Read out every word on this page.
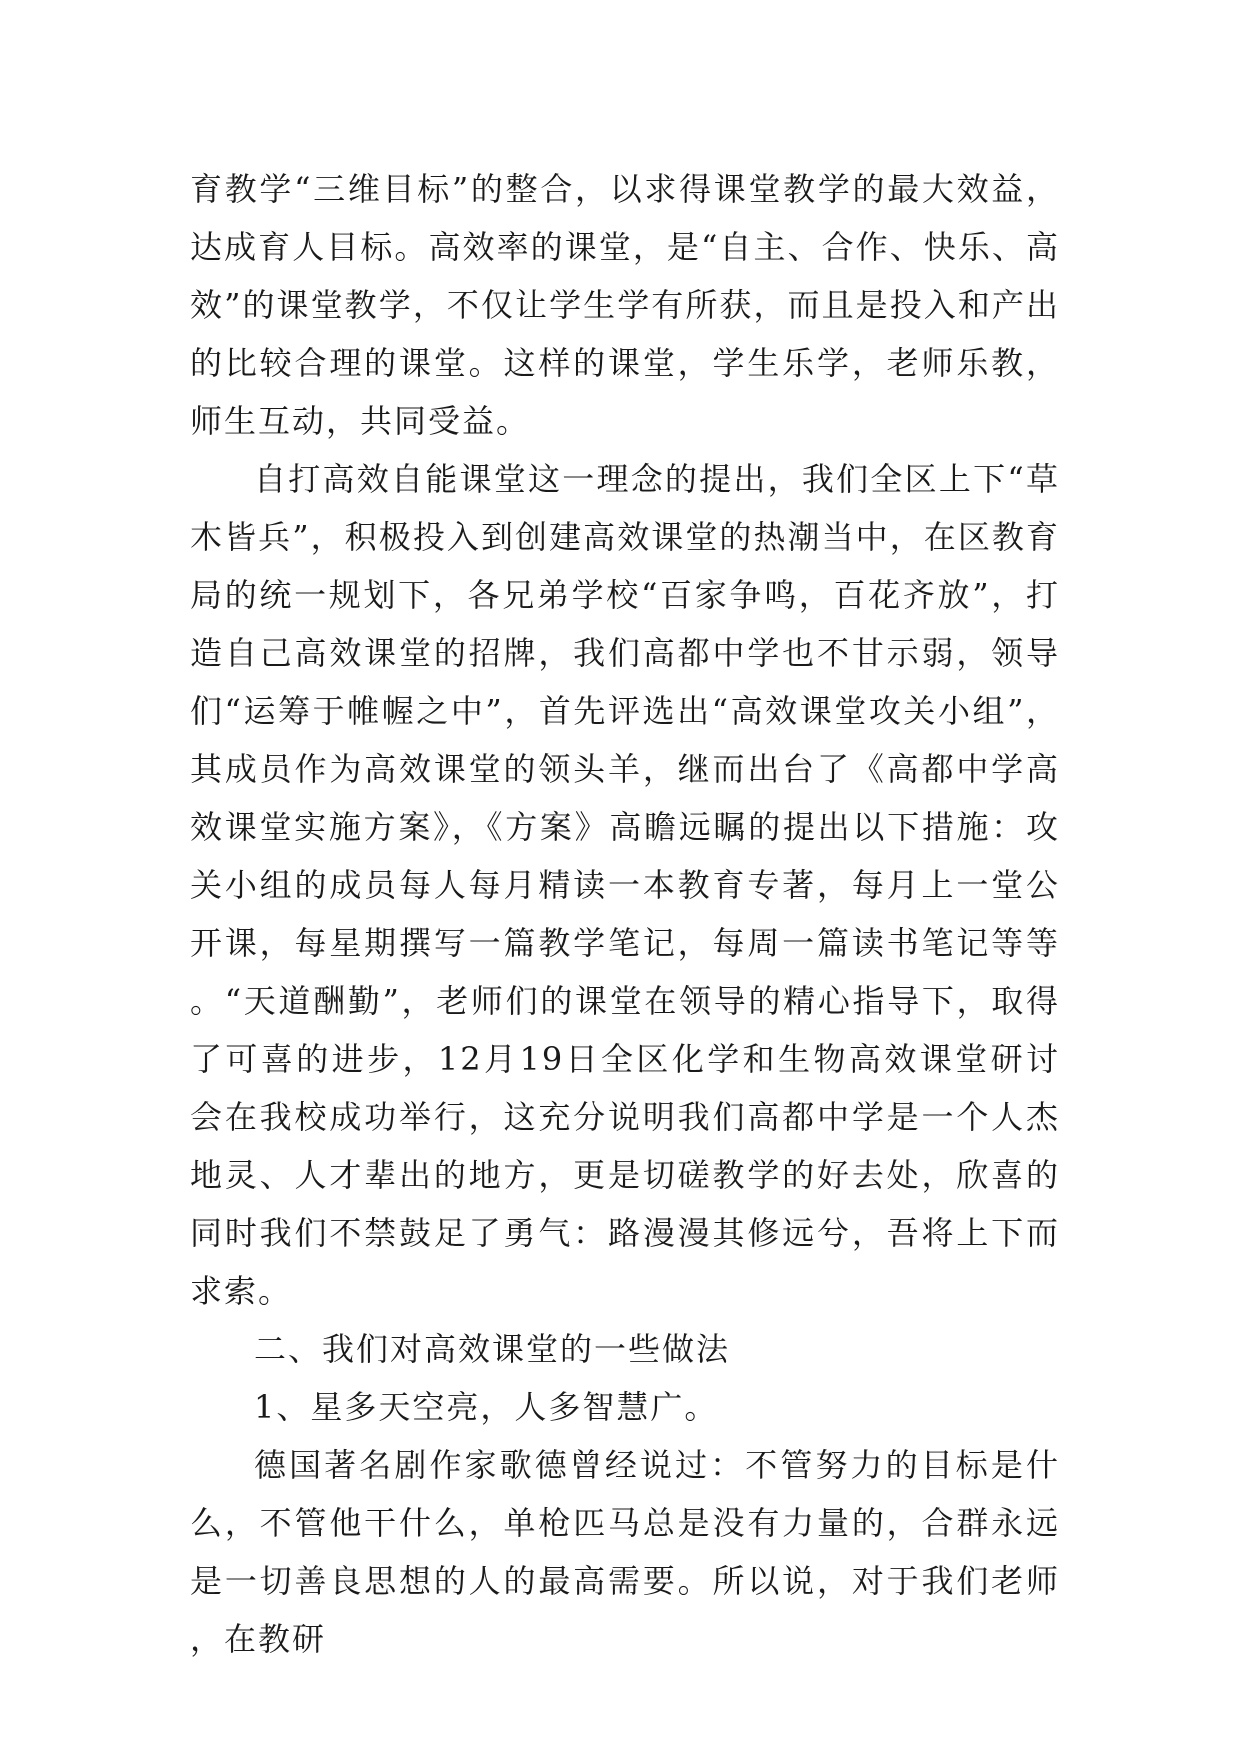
育教学“三维目标”的整合，以求得课堂教学的最大效益，达成育人目标。高效率的课堂，是“自主、合作、快乐、高效”的课堂教学，不仅让学生学有所获，而且是投入和产出的比较合理的课堂。这样的课堂，学生乐学，老师乐教，师生互动，共同受益。

自打高效自能课堂这一理念的提出，我们全区上下“草木皆兵”，积极投入到创建高效课堂的热潮当中，在区教育局的统一规划下，各兄弟学校“百家争鸣，百花齐放”，打造自己高效课堂的招牌，我们高都中学也不甘示弱，领导们“运筹于帷幄之中”，首先评选出“高效课堂攻关小组”，其成员作为高效课堂的领头羊，继而出台了《高都中学高效课堂实施方案》，《方案》高瞻远瞩的提出以下措施：攻关小组的成员每人每月精读一本教育专著，每月上一堂公开课，每星期撰写一篇教学笔记，每周一篇读书笔记等等。“天道酬勤”，老师们的课堂在领导的精心指导下，取得了可喜的进步，12月19日全区化学和生物高效课堂研讨会在我校成功举行，这充分说明我们高都中学是一个人杰地灵、人才辈出的地方，更是切磋教学的好去处，欣喜的同时我们不禁鼓足了勇气：路漫漫其修远兮，吾将上下而求索。

二、我们对高效课堂的一些做法

1、星多天空亮，人多智慧广。

德国著名剧作家歌德曾经说过：不管努力的目标是什么，不管他干什么，单枪匹马总是没有力量的，合群永远是一切善良思想的人的最高需要。所以说，对于我们老师，在教研
